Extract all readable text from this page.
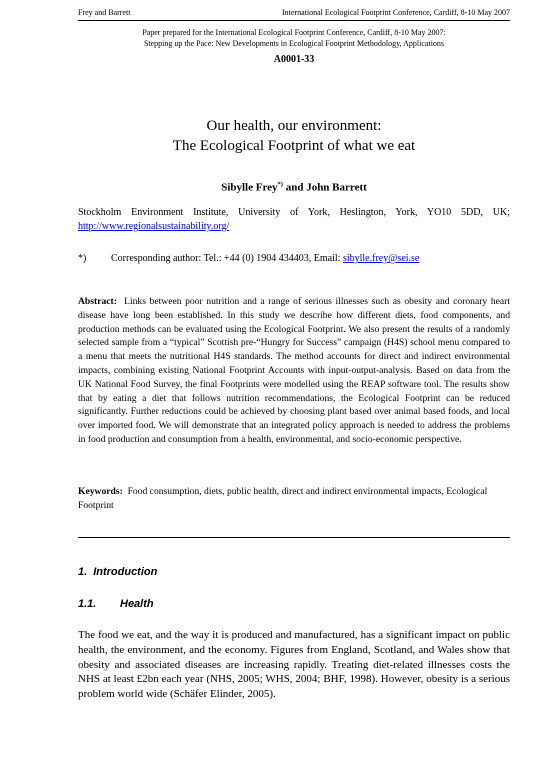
Frey and Barrett	International Ecological Footprint Conference, Cardiff, 8-10 May 2007
Paper prepared for the International Ecological Footprint Conference, Cardiff, 8-10 May 2007:
Stepping up the Pace: New Developments in Ecological Footprint Methodology, Applications
A0001-33
Our health, our environment:
The Ecological Footprint of what we eat
Sibylle Frey*) and John Barrett
Stockholm Environment Institute, University of York, Heslington, York, YO10 5DD, UK; http://www.regionalsustainability.org/
*) Corresponding author: Tel.: +44 (0) 1904 434403, Email: sibylle.frey@sei.se
Abstract: Links between poor nutrition and a range of serious illnesses such as obesity and coronary heart disease have long been established. In this study we describe how different diets, food components, and production methods can be evaluated using the Ecological Footprint. We also present the results of a randomly selected sample from a “typical” Scottish pre-“Hungry for Success” campaign (H4S) school menu compared to a menu that meets the nutritional H4S standards. The method accounts for direct and indirect environmental impacts, combining existing National Footprint Accounts with input-output-analysis. Based on data from the UK National Food Survey, the final Footprints were modelled using the REAP software tool. The results show that by eating a diet that follows nutrition recommendations, the Ecological Footprint can be reduced significantly. Further reductions could be achieved by choosing plant based over animal based foods, and local over imported food. We will demonstrate that an integrated policy approach is needed to address the problems in food production and consumption from a health, environmental, and socio-economic perspective.
Keywords: Food consumption, diets, public health, direct and indirect environmental impacts, Ecological Footprint
1. Introduction
1.1. Health
The food we eat, and the way it is produced and manufactured, has a significant impact on public health, the environment, and the economy. Figures from England, Scotland, and Wales show that obesity and associated diseases are increasing rapidly. Treating diet-related illnesses costs the NHS at least £2bn each year (NHS, 2005; WHS, 2004; BHF, 1998). However, obesity is a serious problem world wide (Schäfer Elinder, 2005).
